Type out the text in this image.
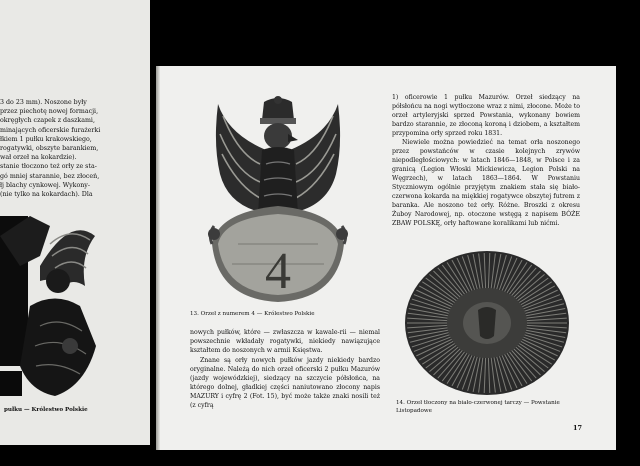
3 do 23 mm). Noszone były

przez piechotę nowej formacji,

okręgłych czapek z daszkami,

minających oficerskie furażerki

łkiem 1 pułku krakowskiego,

rogatywki, obszyte barankiem,

wał orzeł na kokardzie).

stanie tłoczono też orły ze sta-

gó mniej starannie, bez złoceń,

łj blachy cynkowej. Wykony-

(nie tylko na kokardach). Dla

pułku — Królestwo Polskie
4
13. Orzeł z numerem 4 — Królestwo Polskie

nowych pułków, które — zwłaszcza w kawale-rii — niemal powszechnie wkładały rogatywki, niekiedy nawiązujące kształtem do noszonych w armii Księstwa.

Znane są orły nowych pułków jazdy niekiedy bardzo oryginalne. Należą do nich orzeł oficerski 2 pułku Mazurów (jazdy wojewódzkiej), siedzący na szczycie półsłońca, na którego dolnej, gładkiej części naniutowano złocony napis MAZURY i cyfrę 2 (Fot. 15), być może także znaki nosili też (z cyfrą

1) oficerowie 1 pułku Mazurów. Orzeł siedzący na półsłońcu na nogi wytłoczone wraz z nimi, złocone. Może to orzeł artyleryjski sprzed Powstania, wykonany bowiem bardzo starannie, ze złoconą koroną i dziobem, a kształtem przypomina orły sprzed roku 1831.

Niewiele można powiedzieć na temat orła noszonego przez powstańców w czasie kolejnych zrywów niepodległościowych: w latach 1846—1848, w Polsce i za granicą (Legion Włoski Mickiewicza, Legion Polski na Węgrzech), w latach 1863—1864. W Powstaniu Styczniowym ogólnie przyjętym znakiem stała się biało-czerwona kokarda na miękkiej rogatywce obszytej futrem z baranka. Ale noszono też orły. Różne. Broszki z okresu Żuboy Narodowej, np. otoczone wstęgą z napisem BÓŻE ZBAW POLSKĘ, orły haftowane koralikami lub nićmi.

14. Orzeł tłoczony na biało-czerwonej tarczy — Powstanie Listopadowe
17
